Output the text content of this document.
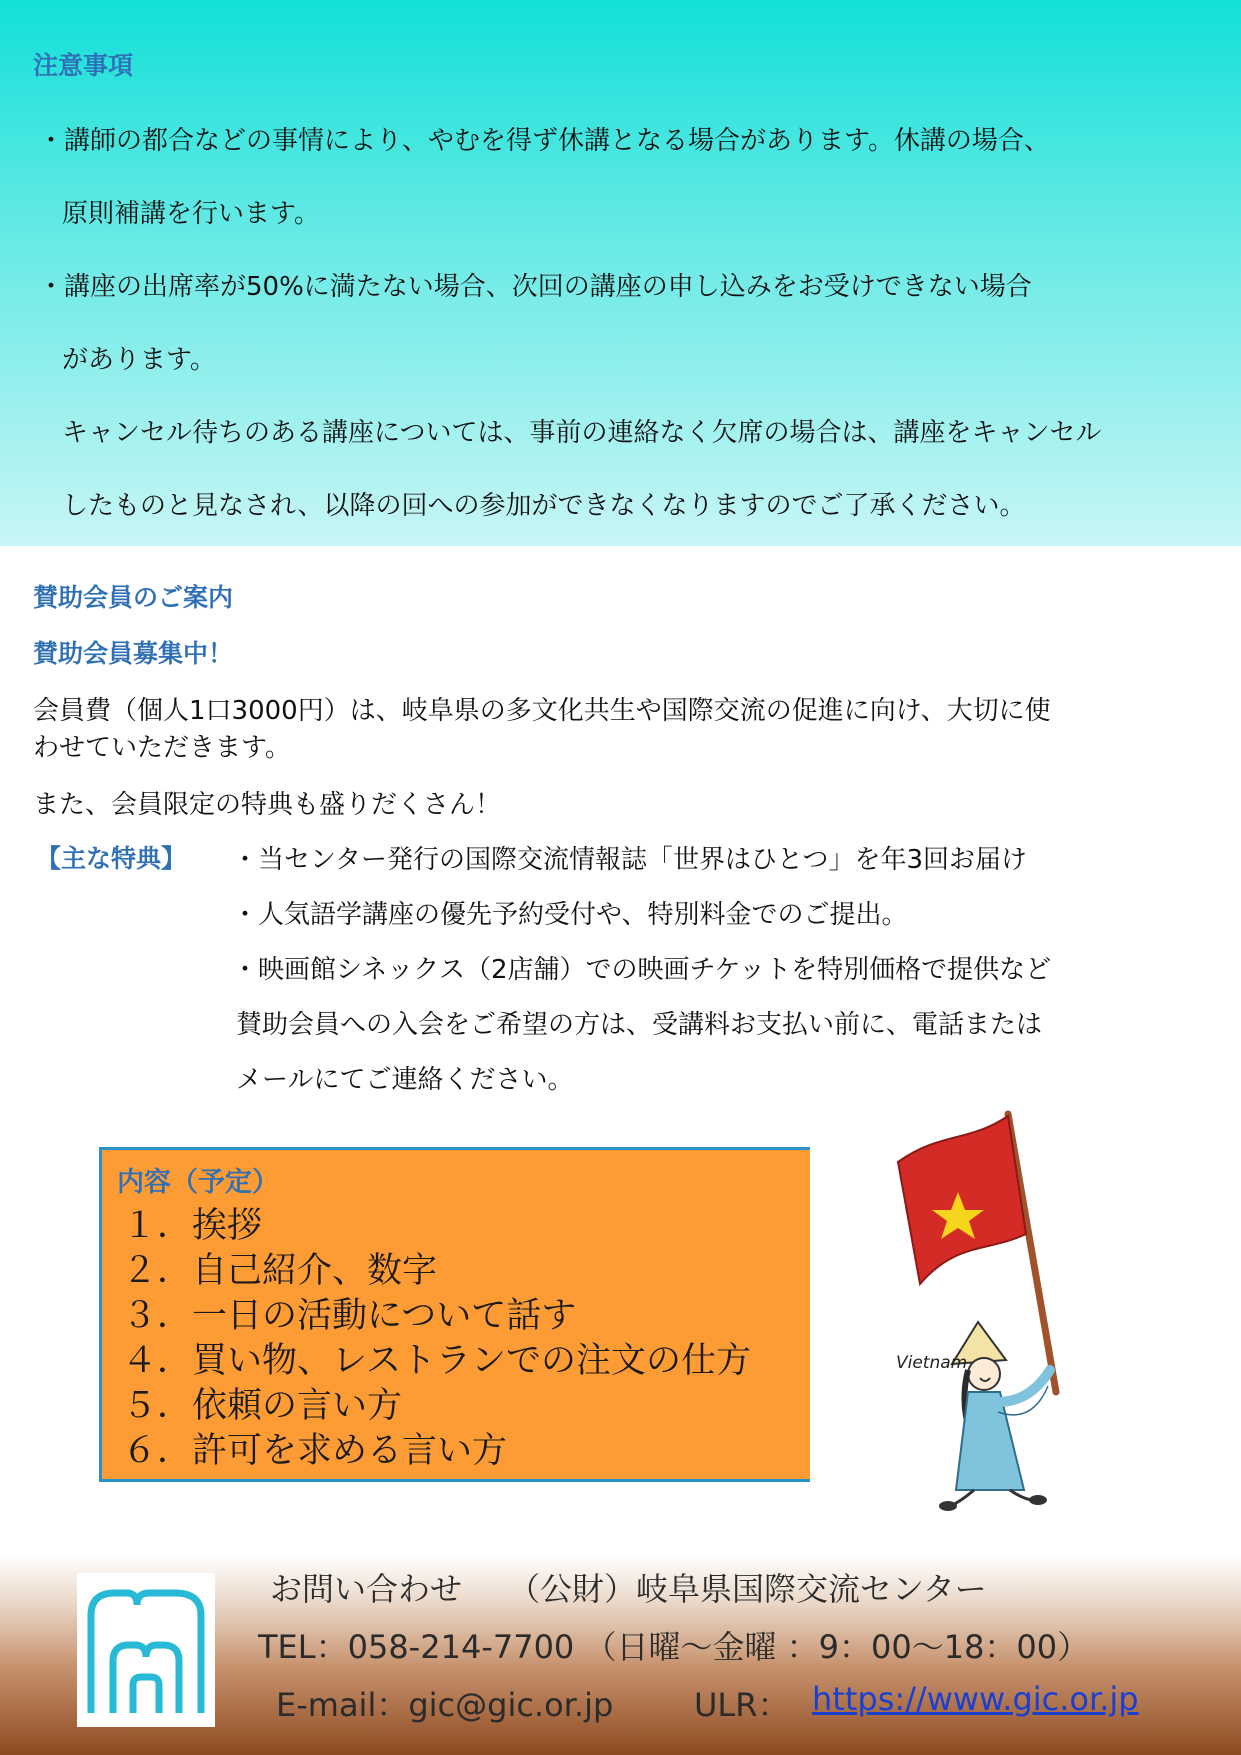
注意事項
・講師の都合などの事情により、やむを得ず休講となる場合があります。休講の場合、
原則補講を行います。
・講座の出席率が50%に満たない場合、次回の講座の申し込みをお受けできない場合
があります。
キャンセル待ちのある講座については、事前の連絡なく欠席の場合は、講座をキャンセル
したものと見なされ、以降の回への参加ができなくなりますのでご了承ください。
賛助会員のご案内
賛助会員募集中！
会員費（個人1口3000円）は、岐阜県の多文化共生や国際交流の促進に向け、大切に使
わせていただきます。
また、会員限定の特典も盛りだくさん！
【主な特典】 ・当センター発行の国際交流情報誌「世界はひとつ」を年3回お届け
・人気語学講座の優先予約受付や、特別料金でのご提出。
・映画館シネックス（2店舗）での映画チケットを特別価格で提供など
賛助会員への入会をご希望の方は、受講料お支払い前に、電話または
メールにてご連絡ください。
内容（予定）
１．挨拶
２．自己紹介、数字
３．一日の活動について話す
４．買い物、レストランでの注文の仕方
５．依頼の言い方
６．許可を求める言い方
Vietnam
お問い合わせ （公財）岐阜県国際交流センター
TEL：058-214-7700 （日曜～金曜 ：9：00～18：00）
E-mail：gic@gic.or.jp	ULR： https://www.gic.or.jp
